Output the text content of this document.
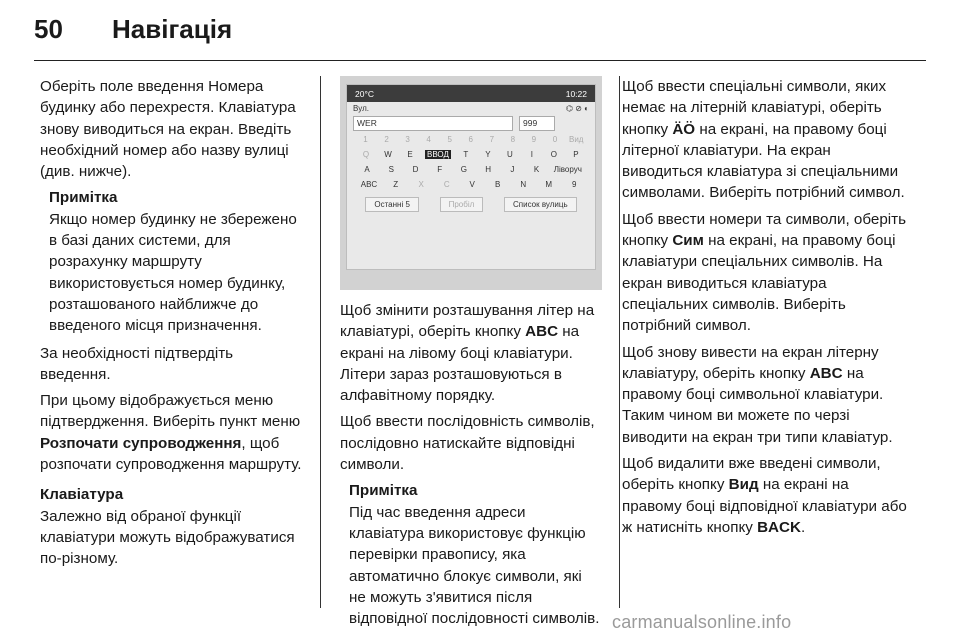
50	Навігація

Оберіть поле введення Номера будинку або перехрестя. Клавіатура знову виводиться на екран. Введіть необхідний номер або назву вулиці (див. нижче).

Примітка
Якщо номер будинку не збережено в базі даних системи, для розрахунку маршруту використовується номер будинку, розташованого найближче до введеного місця призначення.

За необхідності підтвердіть введення.

При цьому відображується меню підтвердження. Виберіть пункт меню Розпочати супроводження, щоб розпочати супроводження маршруту.

Клавіатура

Залежно від обраної функції клавіатури можуть відображуватися по-різному.

20°C	10:22
Вул.	⌬ ⊘ ◐
WER	999
1	2	3	4	5	6	7	8	9	0	Вид
Q	W	E	ВВОД	T	Y	U	I	O	P
A	S	D	F	G	H	J	K	Ліворуч
ABC	Z	X	C	V	B	N	M	9
Останні 5	Пробіл	Список вулиць

Щоб змінити розташування літер на клавіатурі, оберіть кнопку ABC на екрані на лівому боці клавіатури. Літери зараз розташовуються в алфавітному порядку.

Щоб ввести послідовність символів, послідовно натискайте відповідні символи.

Примітка
Під час введення адреси клавіатура використовує функцію перевірки правопису, яка автоматично блокує символи, які не можуть з'явитися після відповідної послідовності символів.

Щоб ввести спеціальні символи, яких немає на літерній клавіатурі, оберіть кнопку ÄÖ на екрані, на правому боці літерної клавіатури. На екран виводиться клавіатура зі спеціальними символами. Виберіть потрібний символ.

Щоб ввести номери та символи, оберіть кнопку Сим на екрані, на правому боці клавіатури спеціальних символів. На екран виводиться клавіатура спеціальних символів. Виберіть потрібний символ.

Щоб знову вивести на екран літерну клавіатуру, оберіть кнопку ABC на правому боці символьної клавіатури. Таким чином ви можете по черзі виводити на екран три типи клавіатур.

Щоб видалити вже введені символи, оберіть кнопку Вид на екрані на правому боці відповідної клавіатури або ж натисніть кнопку BACK.

carmanualsonline.info
